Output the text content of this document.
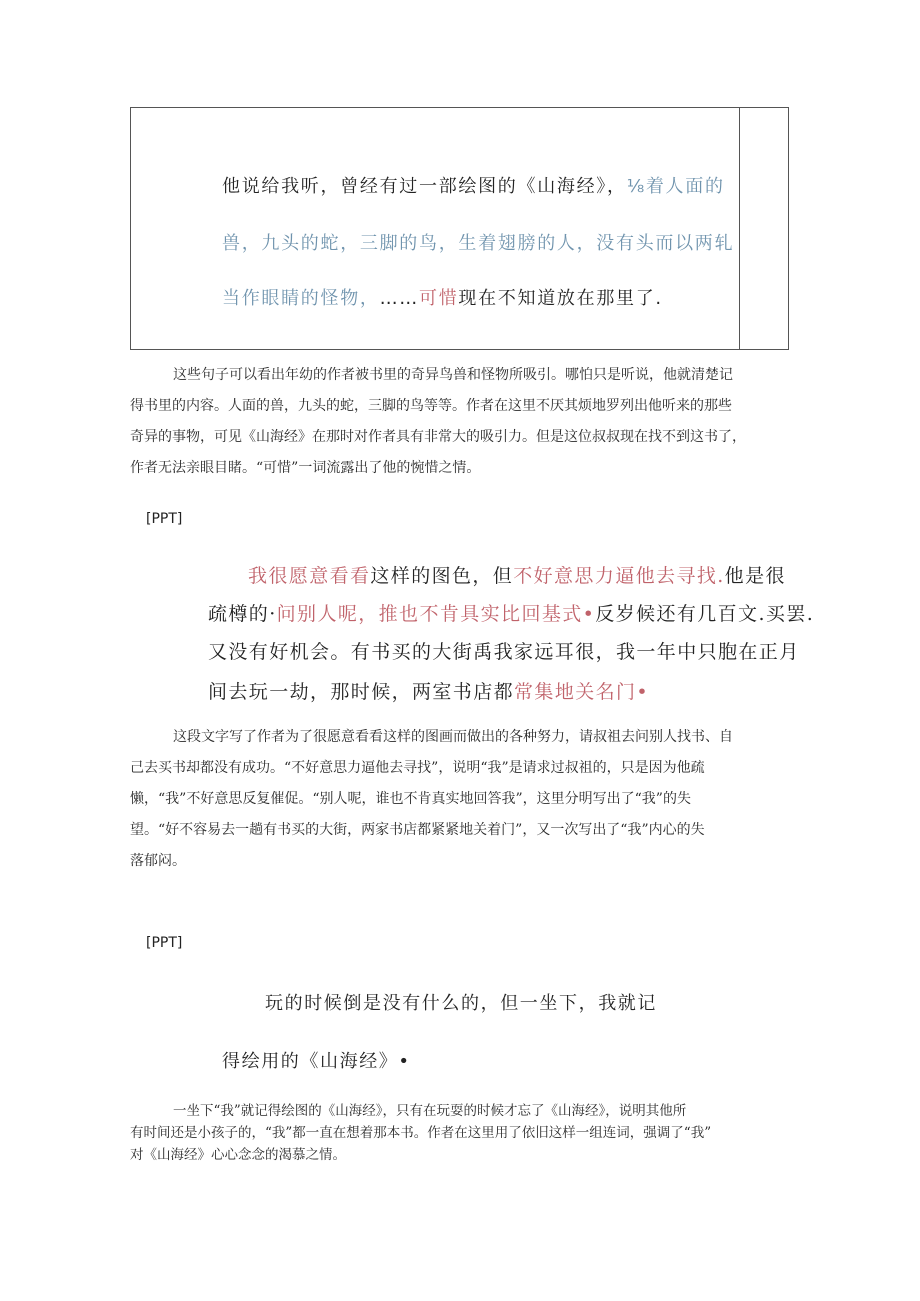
他说给我听，曾经有过一部绘图的《山海经》，⅛着人面的
兽，九头的蛇，三脚的鸟，生着翅膀的人，没有头而以两轧
当作眼睛的怪物，……可惜现在不知道放在那里了.
这些句子可以看出年幼的作者被书里的奇异鸟兽和怪物所吸引。哪怕只是听说，他就清楚记
得书里的内容。人面的兽，九头的蛇，三脚的鸟等等。作者在这里不厌其烦地罗列出他听来的那些
奇异的事物，可见《山海经》在那时对作者具有非常大的吸引力。但是这位叔叔现在找不到这书了，
作者无法亲眼目睹。“可惜”一词流露出了他的惋惜之情。
[PPT]
我很愿意看看这样的图色，但不好意思力逼他去寻找.他是很
疏樽的·问别人呢，推也不肯具实比回基式•反岁候还有几百文.买罢.
又没有好机会。有书买的大街禹我家远耳很，我一年中只胞在正月
间去玩一劫，那时候，两室书店都常集地关名门•
这段文字写了作者为了很愿意看看这样的图画而做出的各种努力，请叔祖去问别人找书、自
己去买书却都没有成功。“不好意思力逼他去寻找”，说明“我”是请求过叔祖的，只是因为他疏
懒，“我”不好意思反复催促。“别人呢，谁也不肯真实地回答我”，这里分明写出了“我”的失
望。“好不容易去一趟有书买的大街，两家书店都紧紧地关着门”，又一次写出了“我”内心的失
落郁闷。
[PPT]
玩的时候倒是没有什么的，但一坐下，我就记
得绘用的《山海经》•
一坐下“我”就记得绘图的《山海经》，只有在玩耍的时候才忘了《山海经》，说明其他所
有时间还是小孩子的，“我”都一直在想着那本书。作者在这里用了依旧这样一组连词，强调了“我”
对《山海经》心心念念的渴慕之情。
